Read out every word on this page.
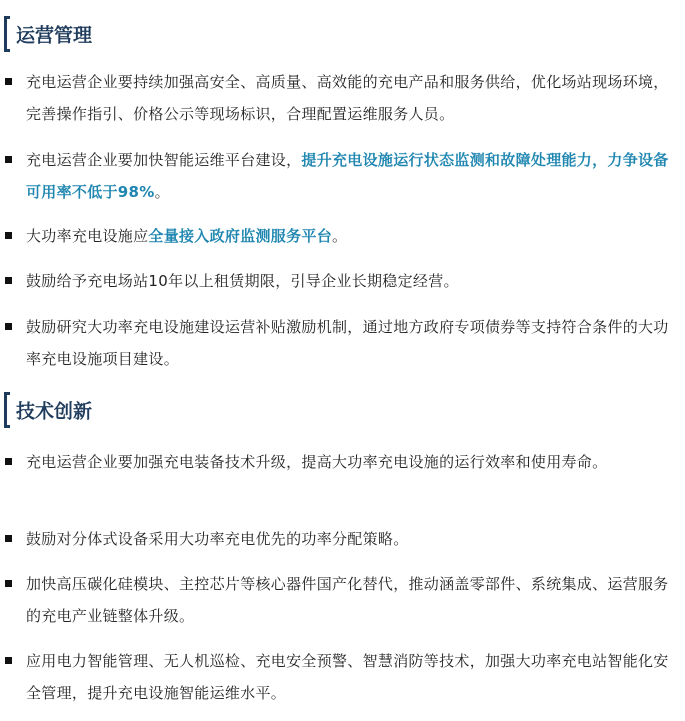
运营管理
充电运营企业要持续加强高安全、高质量、高效能的充电产品和服务供给，优化场站现场环境，完善操作指引、价格公示等现场标识，合理配置运维服务人员。
充电运营企业要加快智能运维平台建设，提升充电设施运行状态监测和故障处理能力，力争设备可用率不低于98%。
大功率充电设施应全量接入政府监测服务平台。
鼓励给予充电场站10年以上租赁期限，引导企业长期稳定经营。
鼓励研究大功率充电设施建设运营补贴激励机制，通过地方政府专项债券等支持符合条件的大功率充电设施项目建设。
技术创新
充电运营企业要加强充电装备技术升级，提高大功率充电设施的运行效率和使用寿命。
鼓励对分体式设备采用大功率充电优先的功率分配策略。
加快高压碳化硅模块、主控芯片等核心器件国产化替代，推动涵盖零部件、系统集成、运营服务的充电产业链整体升级。
应用电力智能管理、无人机巡检、充电安全预警、智慧消防等技术，加强大功率充电站智能化安全管理，提升充电设施智能运维水平。
